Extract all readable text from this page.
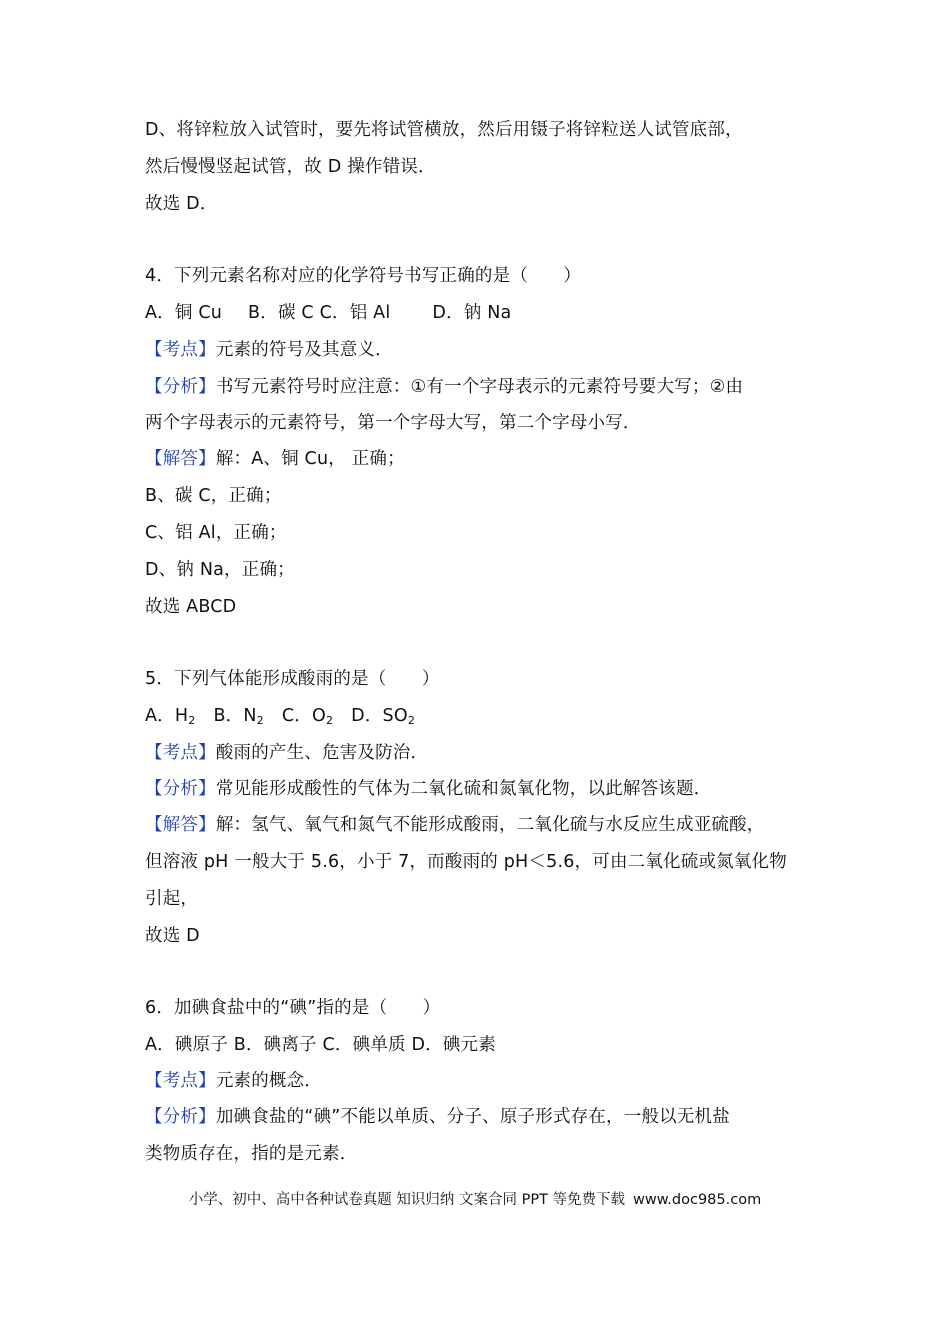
D、将锌粒放入试管时，要先将试管横放，然后用镊子将锌粒送人试管底部，
然后慢慢竖起试管，故 D 操作错误．
故选 D．
4．下列元素名称对应的化学符号书写正确的是（　　）
A．铜 Cu B．碳 C C．铝 Al D．钠 Na
【考点】元素的符号及其意义．
【分析】书写元素符号时应注意：①有一个字母表示的元素符号要大写；②由
两个字母表示的元素符号，第一个字母大写，第二个字母小写．
【解答】解：A、铜 Cu， 正确；
B、碳 C，正确；
C、铝 Al，正确；
D、钠 Na，正确；
故选 ABCD
5．下列气体能形成酸雨的是（　　）
A．$H_2$ B．$N_2$ C．$O_2$ D．$SO_2$
【考点】酸雨的产生、危害及防治．
【分析】常见能形成酸性的气体为二氧化硫和氮氧化物，以此解答该题．
【解答】解：氢气、氧气和氮气不能形成酸雨，二氧化硫与水反应生成亚硫酸，
但溶液 pH 一般大于 5.6，小于 7，而酸雨的 pH＜5.6，可由二氧化硫或氮氧化物
引起，
故选 D
6．加碘食盐中的“碘”指的是（　　）
A．碘原子 B．碘离子 C．碘单质 D．碘元素
【考点】元素的概念．
【分析】加碘食盐的“碘”不能以单质、分子、原子形式存在，一般以无机盐
类物质存在，指的是元素．
小学、初中、高中各种试卷真题 知识归纳 文案合同 PPT 等免费下载 www.doc985.com
